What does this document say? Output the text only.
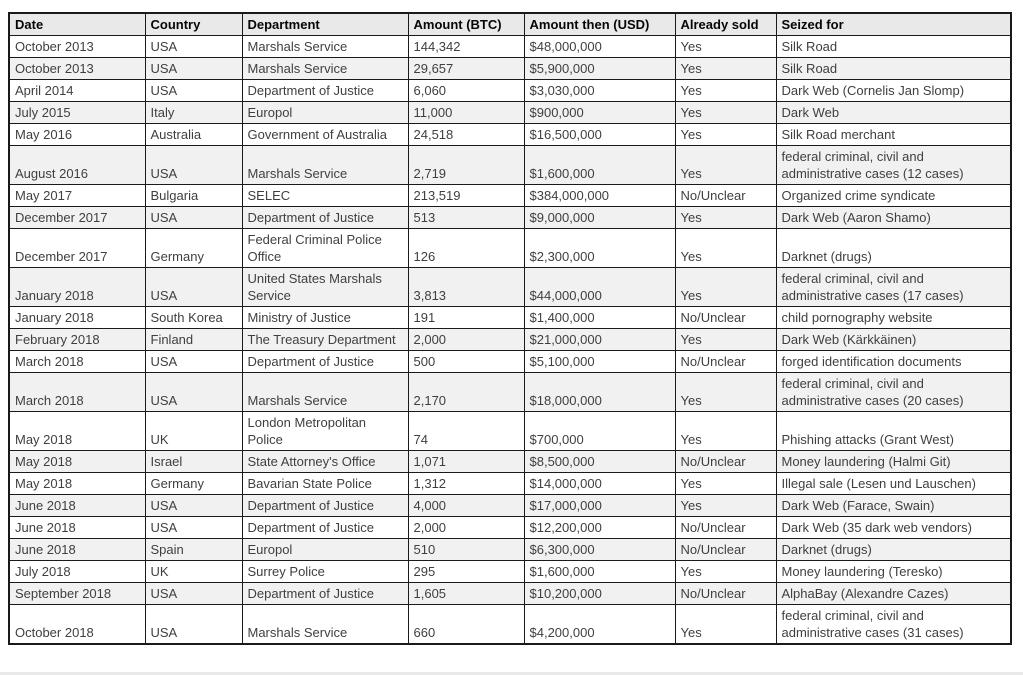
Date	Country	Department	Amount (BTC)	Amount then (USD)	Already sold	Seized for
October 2013	USA	Marshals Service	144,342	$48,000,000	Yes	Silk Road
October 2013	USA	Marshals Service	29,657	$5,900,000	Yes	Silk Road
April 2014	USA	Department of Justice	6,060	$3,030,000	Yes	Dark Web (Cornelis Jan Slomp)
July 2015	Italy	Europol	11,000	$900,000	Yes	Dark Web
May 2016	Australia	Government of Australia	24,518	$16,500,000	Yes	Silk Road merchant
August 2016	USA	Marshals Service	2,719	$1,600,000	Yes	federal criminal, civil and administrative cases (12 cases)
May 2017	Bulgaria	SELEC	213,519	$384,000,000	No/Unclear	Organized crime syndicate
December 2017	USA	Department of Justice	513	$9,000,000	Yes	Dark Web (Aaron Shamo)
December 2017	Germany	Federal Criminal Police Office	126	$2,300,000	Yes	Darknet (drugs)
January 2018	USA	United States Marshals Service	3,813	$44,000,000	Yes	federal criminal, civil and administrative cases (17 cases)
January 2018	South Korea	Ministry of Justice	191	$1,400,000	No/Unclear	child pornography website
February 2018	Finland	The Treasury Department	2,000	$21,000,000	Yes	Dark Web (Kärkkäinen)
March 2018	USA	Department of Justice	500	$5,100,000	No/Unclear	forged identification documents
March 2018	USA	Marshals Service	2,170	$18,000,000	Yes	federal criminal, civil and administrative cases (20 cases)
May 2018	UK	London Metropolitan Police	74	$700,000	Yes	Phishing attacks (Grant West)
May 2018	Israel	State Attorney's Office	1,071	$8,500,000	No/Unclear	Money laundering (Halmi Git)
May 2018	Germany	Bavarian State Police	1,312	$14,000,000	Yes	Illegal sale (Lesen und Lauschen)
June 2018	USA	Department of Justice	4,000	$17,000,000	Yes	Dark Web (Farace, Swain)
June 2018	USA	Department of Justice	2,000	$12,200,000	No/Unclear	Dark Web (35 dark web vendors)
June 2018	Spain	Europol	510	$6,300,000	No/Unclear	Darknet (drugs)
July 2018	UK	Surrey Police	295	$1,600,000	Yes	Money laundering (Teresko)
September 2018	USA	Department of Justice	1,605	$10,200,000	No/Unclear	AlphaBay (Alexandre Cazes)
October 2018	USA	Marshals Service	660	$4,200,000	Yes	federal criminal, civil and administrative cases (31 cases)
